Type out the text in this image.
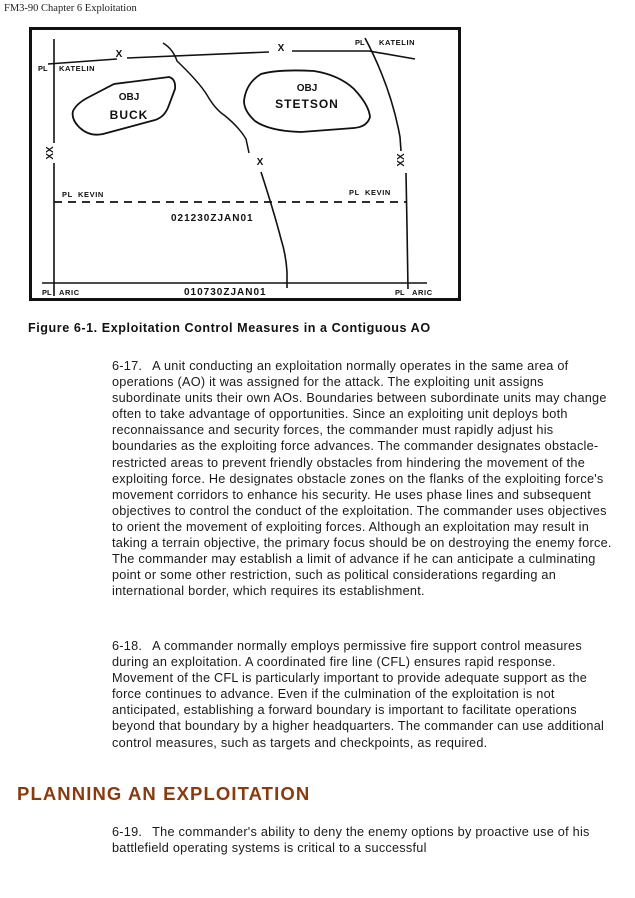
FM3-90 Chapter 6 Exploitation
XX
X
X
PL KATELIN
PL KATELIN
OBJ
BUCK
OBJ
STETSON
X	XX
PL  KEVIN	PL  KEVIN
021230ZJAN01
PL ARIC	PL ARIC
010730ZJAN01
Figure 6-1. Exploitation Control Measures in a Contiguous AO
6-17. A unit conducting an exploitation normally operates in the same area of operations (AO) it was assigned for the attack. The exploiting unit assigns subordinate units their own AOs. Boundaries between subordinate units may change often to take advantage of opportunities. Since an exploiting unit deploys both reconnaissance and security forces, the commander must rapidly adjust his boundaries as the exploiting force advances. The commander designates obstacle-restricted areas to prevent friendly obstacles from hindering the movement of the exploiting force. He designates obstacle zones on the flanks of the exploiting force's movement corridors to enhance his security. He uses phase lines and subsequent objectives to control the conduct of the exploitation. The commander uses objectives to orient the movement of exploiting forces. Although an exploitation may result in taking a terrain objective, the primary focus should be on destroying the enemy force. The commander may establish a limit of advance if he can anticipate a culminating point or some other restriction, such as political considerations regarding an international border, which requires its establishment.
6-18. A commander normally employs permissive fire support control measures during an exploitation. A coordinated fire line (CFL) ensures rapid response. Movement of the CFL is particularly important to provide adequate support as the force continues to advance. Even if the culmination of the exploitation is not anticipated, establishing a forward boundary is important to facilitate operations beyond that boundary by a higher headquarters. The commander can use additional control measures, such as targets and checkpoints, as required.
PLANNING AN EXPLOITATION
6-19. The commander's ability to deny the enemy options by proactive use of his battlefield operating systems is critical to a successful
